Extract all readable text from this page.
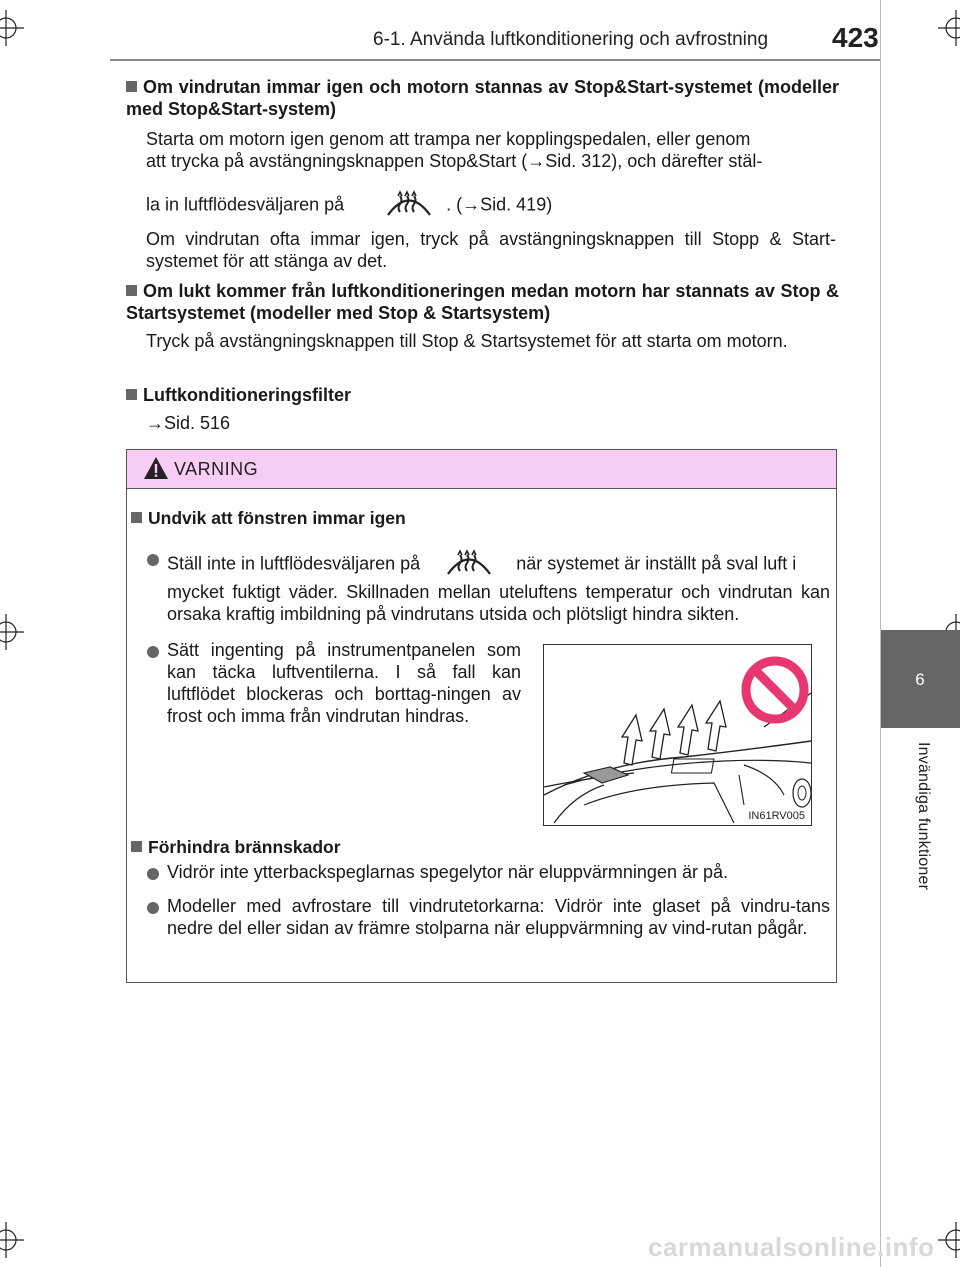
6-1. Använda luftkonditionering och avfrostning 423
6
Invändiga funktioner
Om vindrutan immar igen och motorn stannas av Stop&Start-systemet (modeller med Stop&Start-system)
Starta om motorn igen genom att trampa ner kopplingspedalen, eller genom
att trycka på avstängningsknappen Stop&Start (→Sid. 312), och därefter stäl-
la in luftflödesväljaren på	. (→Sid. 419)
Om vindrutan ofta immar igen, tryck på avstängningsknappen till Stopp & Start-systemet för att stänga av det.
Om lukt kommer från luftkonditioneringen medan motorn har stannats av Stop & Startsystemet (modeller med Stop & Startsystem)
Tryck på avstängningsknappen till Stop & Startsystemet för att starta om motorn.
Luftkonditioneringsfilter
→Sid. 516
VARNING
Undvik att fönstren immar igen
Ställ inte in luftflödesväljaren på	när systemet är inställt på sval luft i
mycket fuktigt väder. Skillnaden mellan uteluftens temperatur och vindrutan kan orsaka kraftig imbildning på vindrutans utsida och plötsligt hindra sikten.
Sätt ingenting på instrumentpanelen som kan täcka luftventilerna. I så fall kan luftflödet blockeras och borttag-ningen av frost och imma från vindrutan hindras.
Förhindra brännskador
Vidrör inte ytterbackspeglarnas spegelytor när eluppvärmningen är på.
Modeller med avfrostare till vindrutetorkarna: Vidrör inte glaset på vindru-tans nedre del eller sidan av främre stolparna när eluppvärmning av vind-rutan pågår.
IN61RV005
carmanualsonline.info
